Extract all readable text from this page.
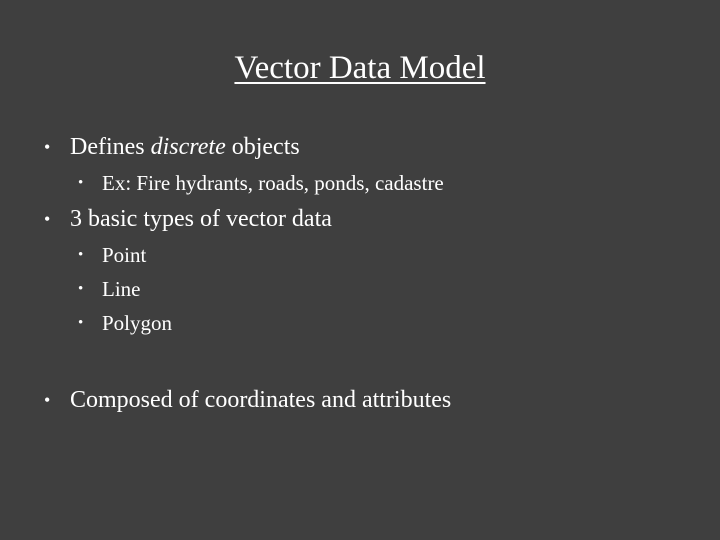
Vector Data Model
• Defines discrete objects
• Ex: Fire hydrants, roads, ponds, cadastre
• 3 basic types of vector data
• Point
• Line
• Polygon
• Composed of coordinates and attributes
